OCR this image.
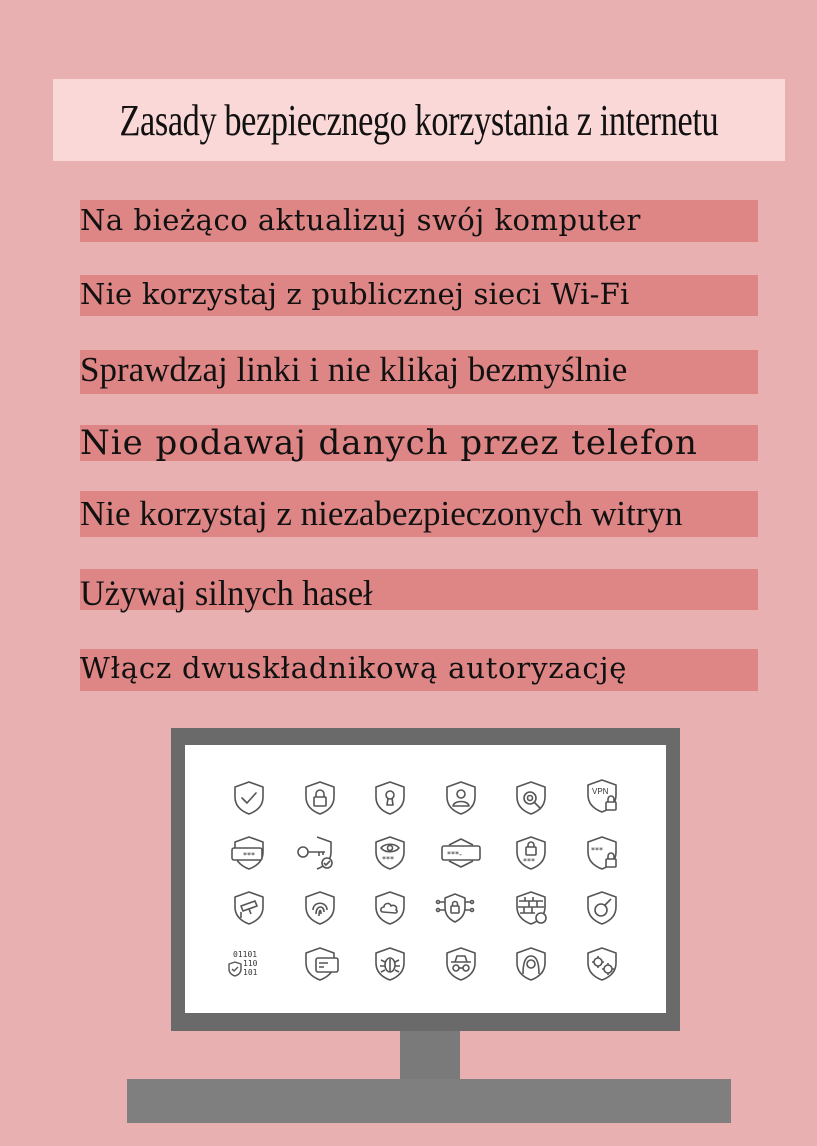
Zasady bezpiecznego korzystania z internetu
Na bieżąco aktualizuj swój komputer
Nie korzystaj z publicznej sieci Wi-Fi
Sprawdzaj linki i nie klikaj bezmyślnie
Nie podawaj danych przez telefon
Nie korzystaj z niezabezpieczonych witryn
Używaj silnych haseł
Włącz dwuskładnikową autoryzację
VPN
***	***
***-
***
***
01101
110
101
